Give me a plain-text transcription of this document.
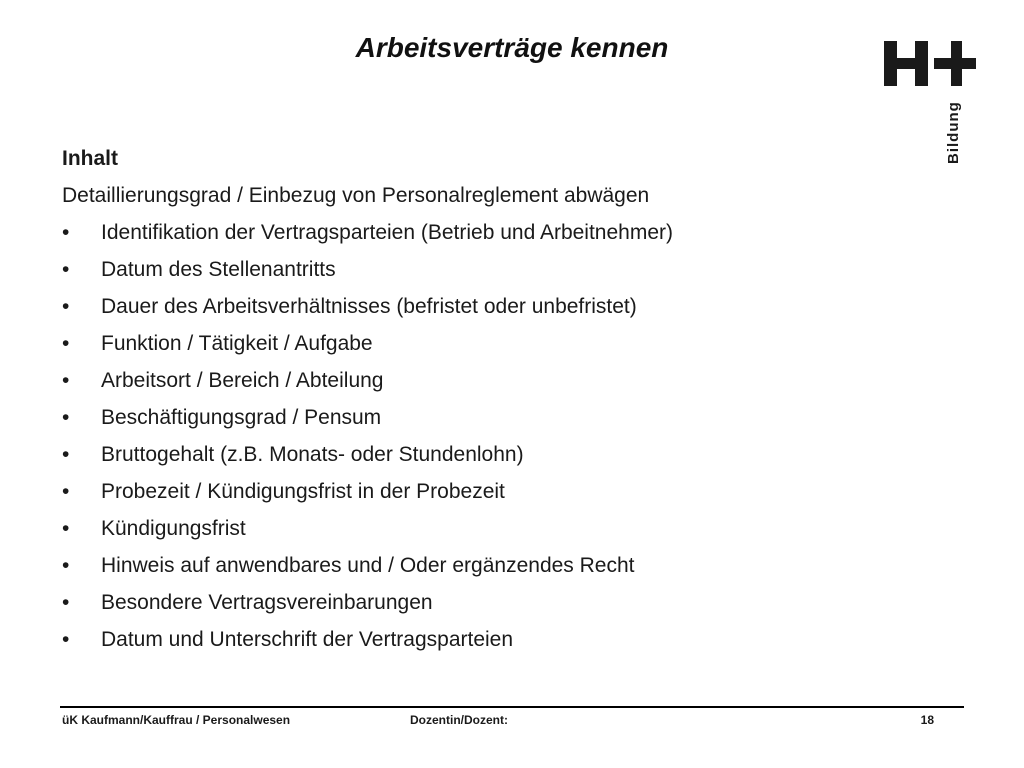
Arbeitsverträge kennen
Bildung

Inhalt

Detaillierungsgrad / Einbezug von Personalreglement abwägen

• Identifikation der Vertragsparteien (Betrieb und Arbeitnehmer)
• Datum des Stellenantritts
• Dauer des Arbeitsverhältnisses (befristet oder unbefristet)
• Funktion / Tätigkeit / Aufgabe
• Arbeitsort / Bereich / Abteilung
• Beschäftigungsgrad / Pensum
• Bruttogehalt (z.B. Monats- oder Stundenlohn)
• Probezeit / Kündigungsfrist in der Probezeit
• Kündigungsfrist
• Hinweis auf anwendbares und / Oder ergänzendes Recht
• Besondere Vertragsvereinbarungen
• Datum und Unterschrift der Vertragsparteien
üK Kaufmann/Kauffrau / Personalwesen	Dozentin/Dozent:	18
